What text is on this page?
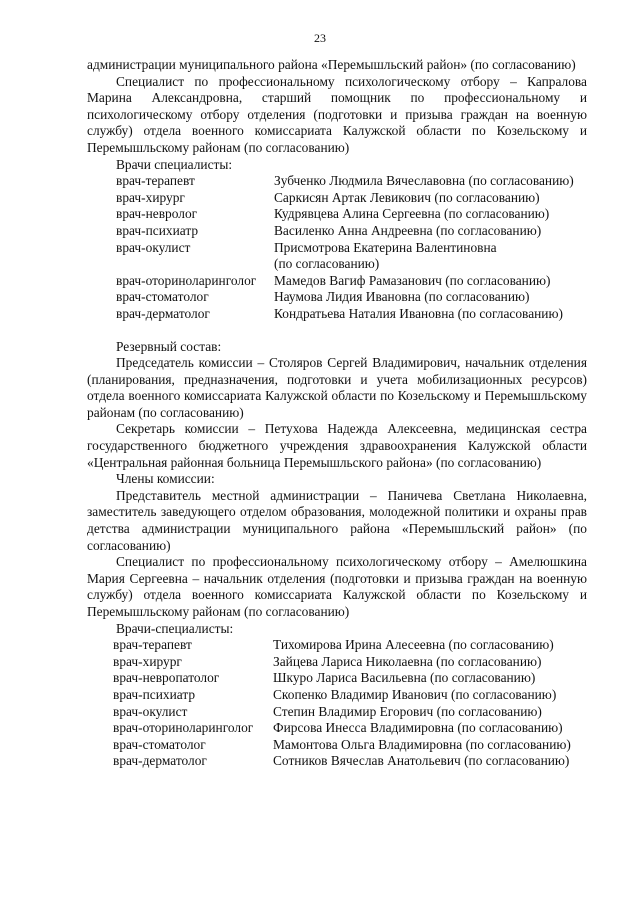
23

администрации муниципального района «Перемышльский район» (по согласованию)

Специалист по профессиональному психологическому отбору – Капралова Марина Александровна, старший помощник по профессиональному и психологическому отбору отделения (подготовки и призыва граждан на военную службу) отдела военного комиссариата Калужской области по Козельскому и Перемышльскому районам (по согласованию)

Врачи специалисты:

врач-терапевт	Зубченко Людмила Вячеславовна (по согласованию)
врач-хирург	Саркисян Артак Левикович (по согласованию)
врач-невролог	Кудрявцева Алина Сергеевна (по согласованию)
врач-психиатр	Василенко Анна Андреевна (по согласованию)
врач-окулист	Присмотрова Екатерина Валентиновна
(по согласованию)
врач-оториноларинголог	Мамедов Вагиф Рамазанович (по согласованию)
врач-стоматолог	Наумова Лидия Ивановна (по согласованию)
врач-дерматолог	Кондратьева Наталия Ивановна (по согласованию)

Резервный состав:

Председатель комиссии – Столяров Сергей Владимирович, начальник отделения (планирования, предназначения, подготовки и учета мобилизационных ресурсов) отдела военного комиссариата Калужской области по Козельскому и Перемышльскому районам (по согласованию)

Секретарь комиссии – Петухова Надежда Алексеевна, медицинская сестра государственного бюджетного учреждения здравоохранения Калужской области «Центральная районная больница Перемышльского района» (по согласованию)

Члены комиссии:

Представитель местной администрации – Паничева Светлана Николаевна, заместитель заведующего отделом образования, молодежной политики и охраны прав детства администрации муниципального района «Перемышльский район» (по согласованию)

Специалист по профессиональному психологическому отбору – Амелюшкина Мария Сергеевна – начальник отделения (подготовки и призыва граждан на военную службу) отдела военного комиссариата Калужской области по Козельскому и Перемышльскому районам (по согласованию)

Врачи-специалисты:

врач-терапевт	Тихомирова Ирина Алесеевна (по согласованию)
врач-хирург	Зайцева Лариса Николаевна (по согласованию)
врач-невропатолог	Шкуро Лариса Васильевна (по согласованию)
врач-психиатр	Скопенко Владимир Иванович (по согласованию)
врач-окулист	Степин Владимир Егорович (по согласованию)
врач-оториноларинголог	Фирсова Инесса Владимировна (по согласованию)
врач-стоматолог	Мамонтова Ольга Владимировна (по согласованию)
врач-дерматолог	Сотников Вячеслав Анатольевич (по согласованию)
